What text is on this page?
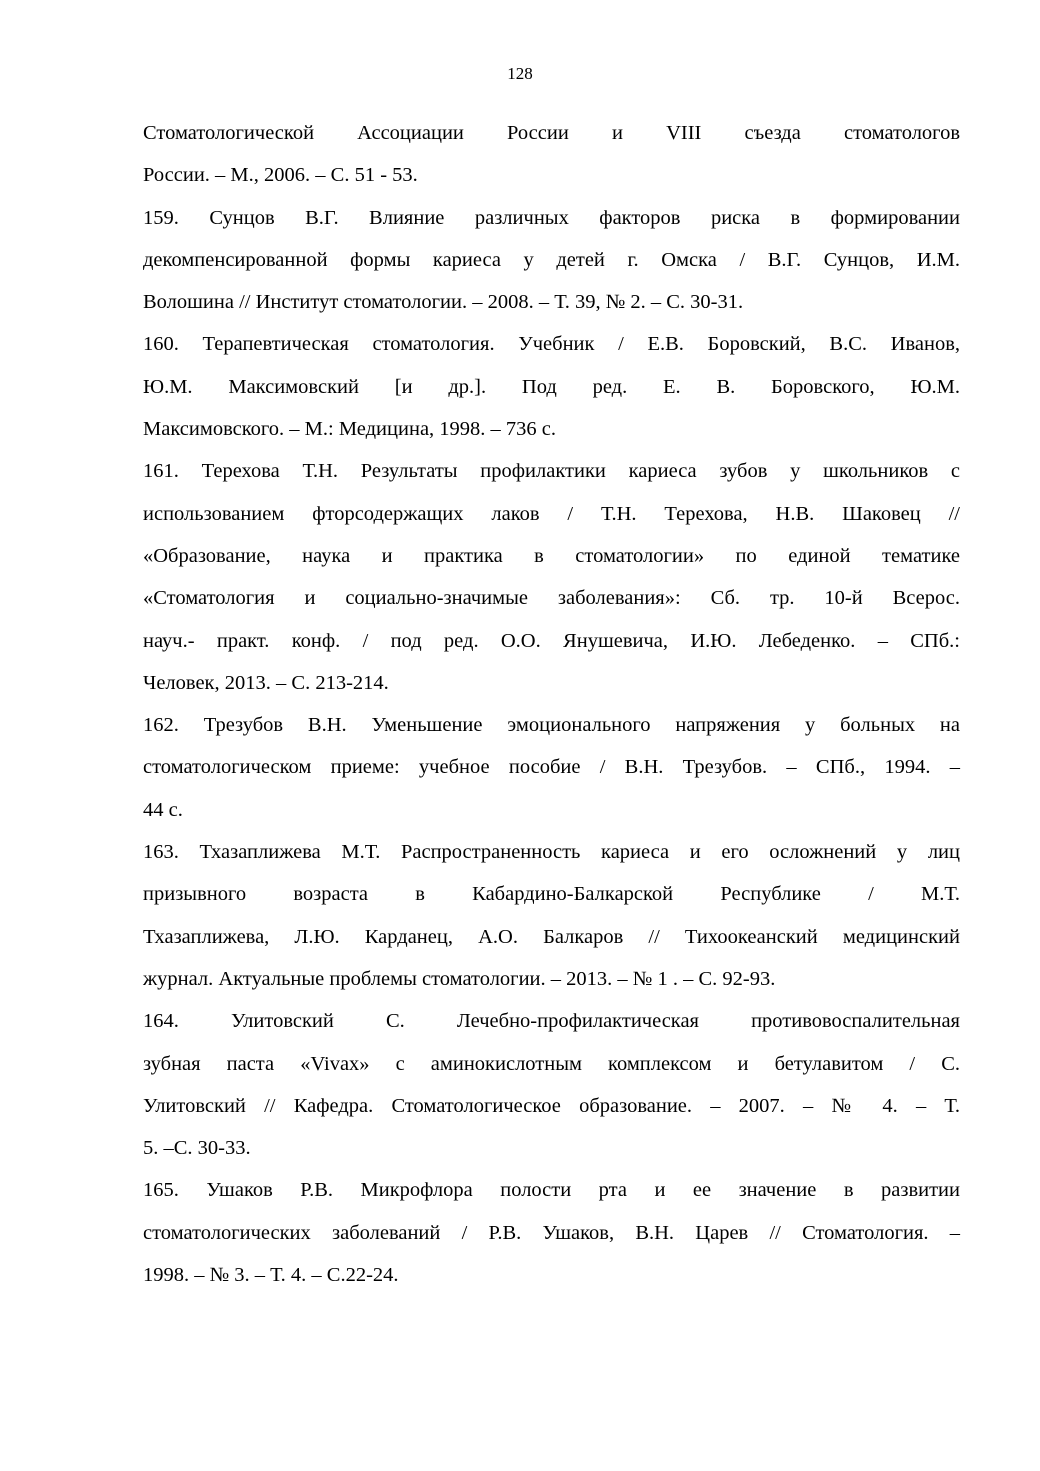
128
Стоматологической Ассоциации России и VIII съезда стоматологов
России. – М., 2006. – С. 51 - 53.
159. Сунцов В.Г. Влияние различных факторов риска в формировании
декомпенсированной формы кариеса у детей г. Омска / В.Г. Сунцов, И.М.
Волошина // Институт стоматологии. – 2008. – Т. 39, № 2. – С. 30-31.
160. Терапевтическая стоматология. Учебник / Е.В. Боровский, В.С. Иванов,
Ю.М. Максимовский [и др.]. Под ред. Е. В. Боровского, Ю.М.
Максимовского. – М.: Медицина, 1998. – 736 с.
161. Терехова Т.Н. Результаты профилактики кариеса зубов у школьников с
использованием фторсодержащих лаков / Т.Н. Терехова, Н.В. Шаковец //
«Образование, наука и практика в стоматологии» по единой тематике
«Стоматология и социально-значимые заболевания»: Сб. тр. 10-й Всерос.
науч.- практ. конф. / под ред. О.О. Янушевича, И.Ю. Лебеденко. – СПб.:
Человек, 2013. – С. 213-214.
162. Трезубов В.Н. Уменьшение эмоционального напряжения у больных на
стоматологическом приеме: учебное пособие / В.Н. Трезубов. – СПб., 1994. –
44 с.
163. Тхазаплижева М.Т. Распространенность кариеса и его осложнений у лиц
призывного возраста в Кабардино-Балкарской Республике / М.Т.
Тхазаплижева, Л.Ю. Карданец, А.О. Балкаров // Тихоокеанский медицинский
журнал. Актуальные проблемы стоматологии. – 2013. – № 1 . – С. 92-93.
164. Улитовский С. Лечебно-профилактическая противовоспалительная
зубная паста «Vivax» с аминокислотным комплексом и бетулавитом / С.
Улитовский // Кафедра. Стоматологическое образование. – 2007. – № 4. – Т.
5. –С. 30-33.
165. Ушаков Р.В. Микрофлора полости рта и ее значение в развитии
стоматологических заболеваний / Р.В. Ушаков, В.Н. Царев // Стоматология. –
1998. – № 3. – Т. 4. – С.22-24.
